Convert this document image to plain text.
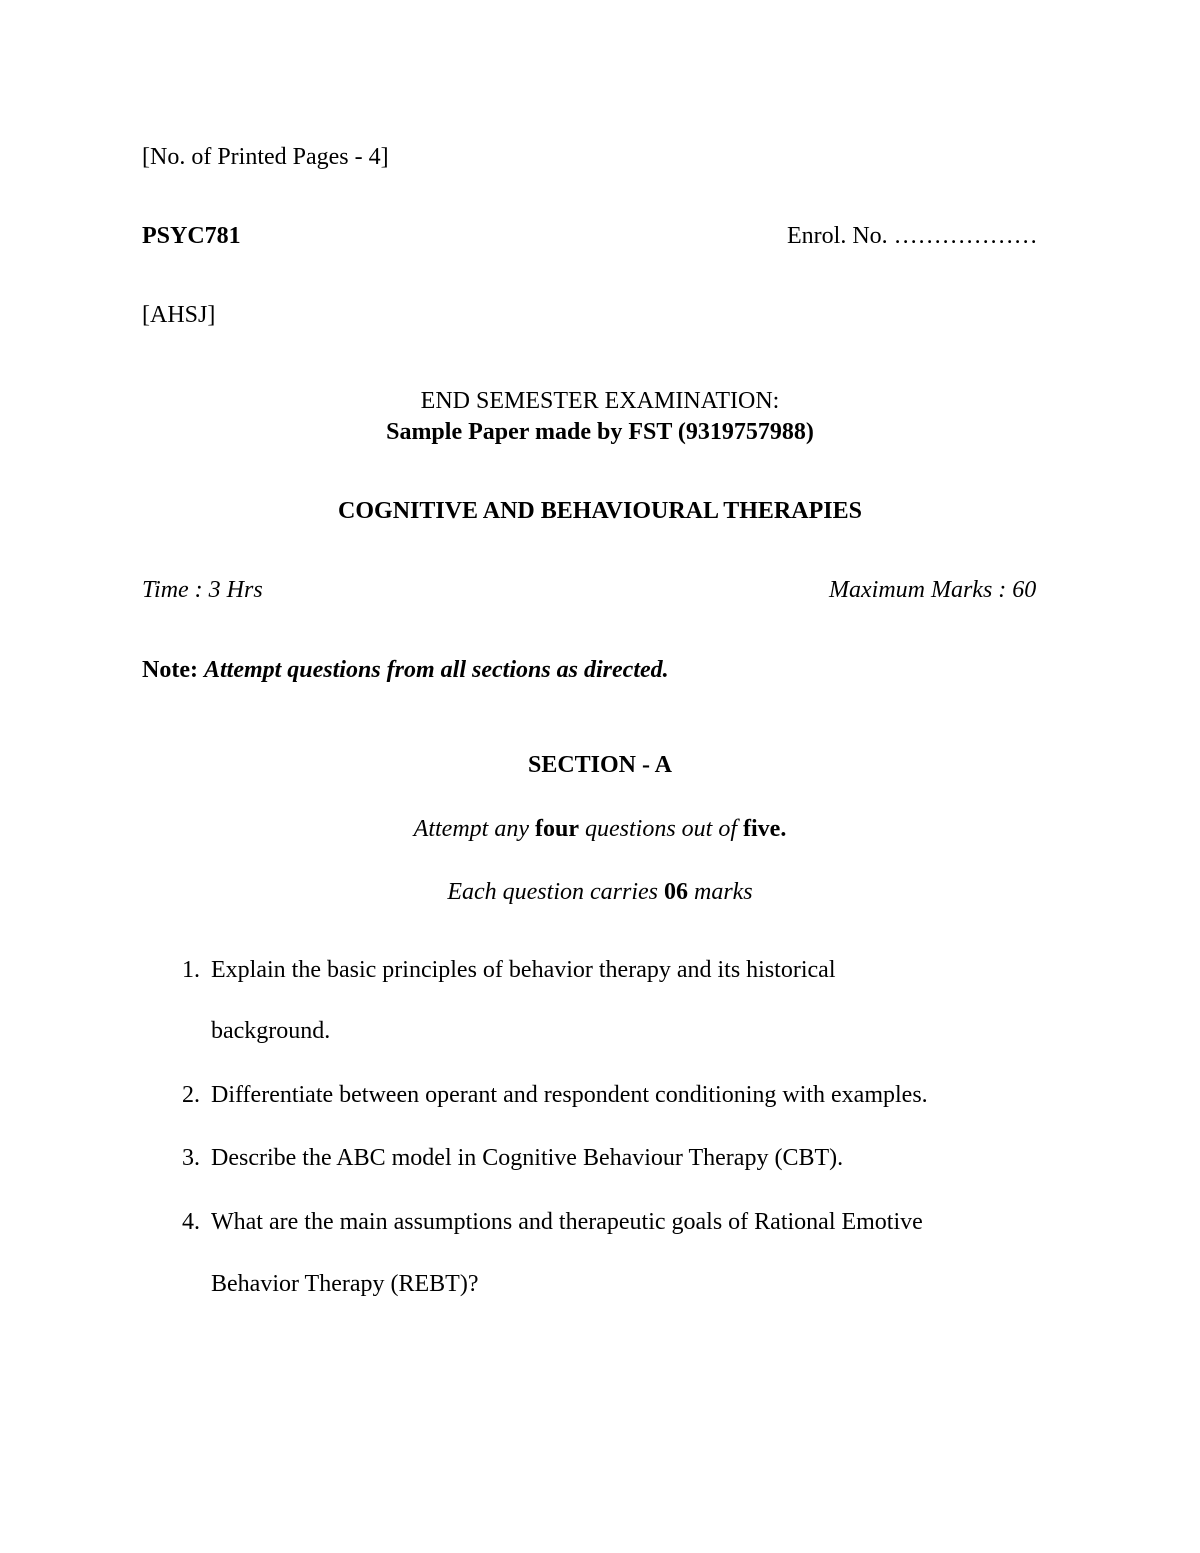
[No. of Printed Pages - 4]
PSYC781	Enrol. No. ………………
[AHSJ]
END SEMESTER EXAMINATION:
Sample Paper made by FST (9319757988)
COGNITIVE AND BEHAVIOURAL THERAPIES
Time : 3 Hrs	Maximum Marks : 60
Note: Attempt questions from all sections as directed.
SECTION - A
Attempt any four questions out of five.
Each question carries 06 marks
1. Explain the basic principles of behavior therapy and its historical
background.
2. Differentiate between operant and respondent conditioning with examples.
3. Describe the ABC model in Cognitive Behaviour Therapy (CBT).
4. What are the main assumptions and therapeutic goals of Rational Emotive
Behavior Therapy (REBT)?
